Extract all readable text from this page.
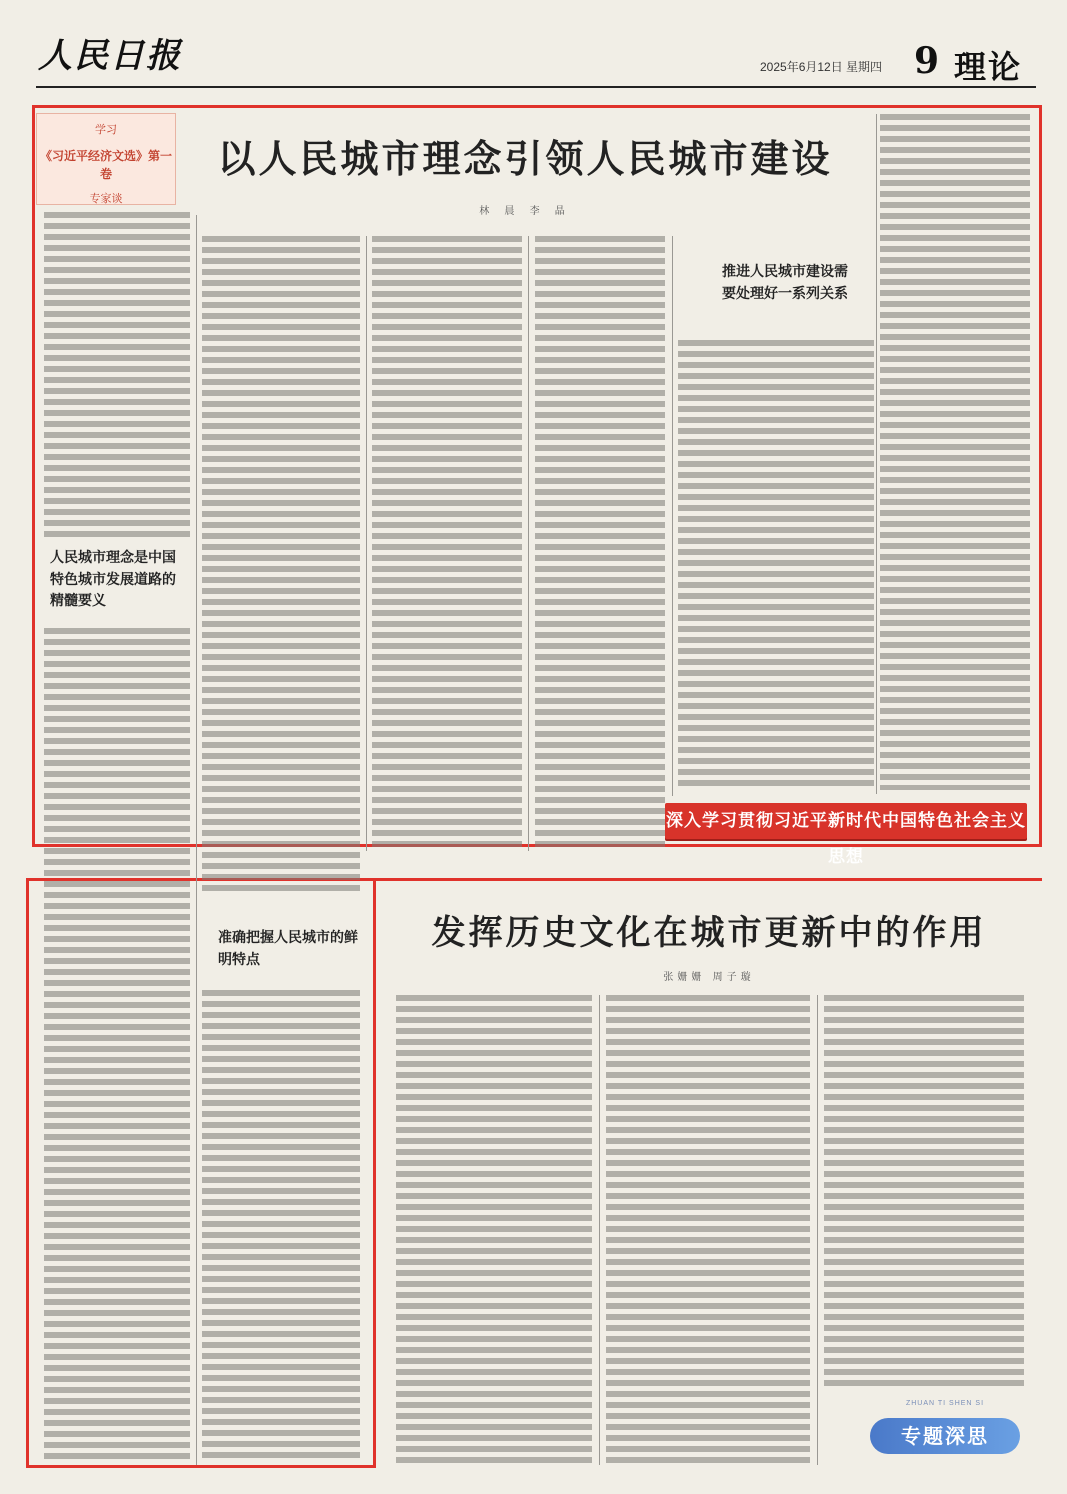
人民日报	2025年6月12日 星期四 9 理论
学习
《习近平经济文选》第一卷
专家谈
以人民城市理念引领人民城市建设
林 晨 李 晶
人民城市理念是中国特色城市发展道路的精髓要义
准确把握人民城市的鲜明特点
推进人民城市建设需要处理好一系列关系
深入学习贯彻习近平新时代中国特色社会主义思想
发挥历史文化在城市更新中的作用
张姗姗 周子璇
ZHUAN TI SHEN SI
专题深思
